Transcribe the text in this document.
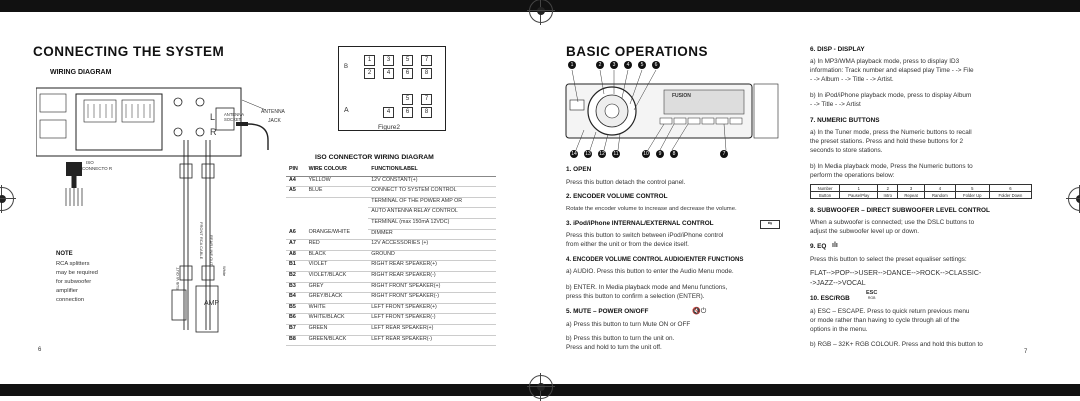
CONNECTING THE SYSTEM
WIRING DIAGRAM
L
R
ANTENNA
SOCKET
ANTENNA
JACK
ISO
CONNECTO R
REAR LINE OUT
FRONT RCA CABLE
SUB W OUT	White
AMP
B
A
1	3	5	7
2	4	6	8
5	7
4	6	8
Figure2
NOTE
RCA splitters
may be required
for subwoofer
amplifier
connection
ISO CONNECTOR WIRING DIAGRAM
PIN	WIRE COLOUR	FUNCTION/LABEL
A4	YELLOW	12V CONSTANT(+)
A5	BLUE	CONNECT TO SYSTEM CONTROL
		TERMINAL OF THE POWER AMP OR
		AUTO ANTENNA RELAY CONTROL
		TERMINAL (max 150mA 12VDC)
A6	ORANGE/WHITE	DIMMER
A7	RED	12V ACCESSORIES (+)
A8	BLACK	GROUND
B1	VIOLET	RIGHT REAR SPEAKER(+)
B2	VIOLET/BLACK	RIGHT REAR SPEAKER(-)
B3	GREY	RIGHT FRONT SPEAKER(+)
B4	GREY/BLACK	RIGHT FRONT SPEAKER(-)
B5	WHITE	LEFT FRONT SPEAKER(+)
B6	WHITE/BLACK	LEFT FRONT SPEAKER(-)
B7	GREEN	LEFT REAR SPEAKER(+)
B8	GREEN/BLACK	LEFT REAR SPEAKER(-)
6
BASIC OPERATIONS
FUSION
1	2	3	4	5	6
14 13 12 11	10	9	8	7
1. OPEN
Press this button detach the control panel.
2. ENCODER VOLUME CONTROL
Rotate the encoder volume to increase and decrease the volume.
3. iPod/iPhone INTERNAL/EXTERNAL CONTROL	⇆
Press this button to switch between iPod/iPhone control
from either the unit or from the device itself.
4. ENCODER VOLUME CONTROL AUDIO/ENTER FUNCTIONS
a) AUDIO. Press this button to enter the Audio Menu mode.
b) ENTER. In Media playback mode and Menu functions,
press this button to confirm a selection (ENTER).
5. MUTE – POWER ON/OFF	🔇⏻
a) Press this button to turn Mute ON or OFF
b) Press this button to turn the unit on.
Press and hold to turn the unit off.
6. DISP - DISPLAY
a) In MP3/WMA playback mode, press to display ID3
information: Track number and elapsed play Time - -> File
- -> Album - -> Title - -> Artist.
b) In iPod/iPhone playback mode, press to display Album
- -> Title - -> Artist
7. NUMERIC BUTTONS
a) In the Tuner mode, press the Numeric buttons to recall
the preset stations. Press and hold these buttons for 2
seconds to store stations.
b) In Media playback mode, Press the Numeric buttons to
perform the operations below:
Number	1	2	3	4	5	6
Button	Pause/Play	Intro	Repeat	Random	Folder Up	Folder Down
8. SUBWOOFER – DIRECT SUBWOOFER LEVEL CONTROL
When a subwoofer is connected; use the DSLC buttons to
adjust the subwoofer level up or down.
9. EQ ılı
Press this button to select the preset equaliser settings:
FLAT-->POP-->USER-->DANCE-->ROCK-->CLASSIC-
->JAZZ-->VOCAL
10. ESC/RGB
ESC
RGB
a) ESC – ESCAPE. Press to quick return previous menu
or mode rather than having to cycle through all of the
options in the menu.
b) RGB – 32K+ RGB COLOUR. Press and hold this button to
7
